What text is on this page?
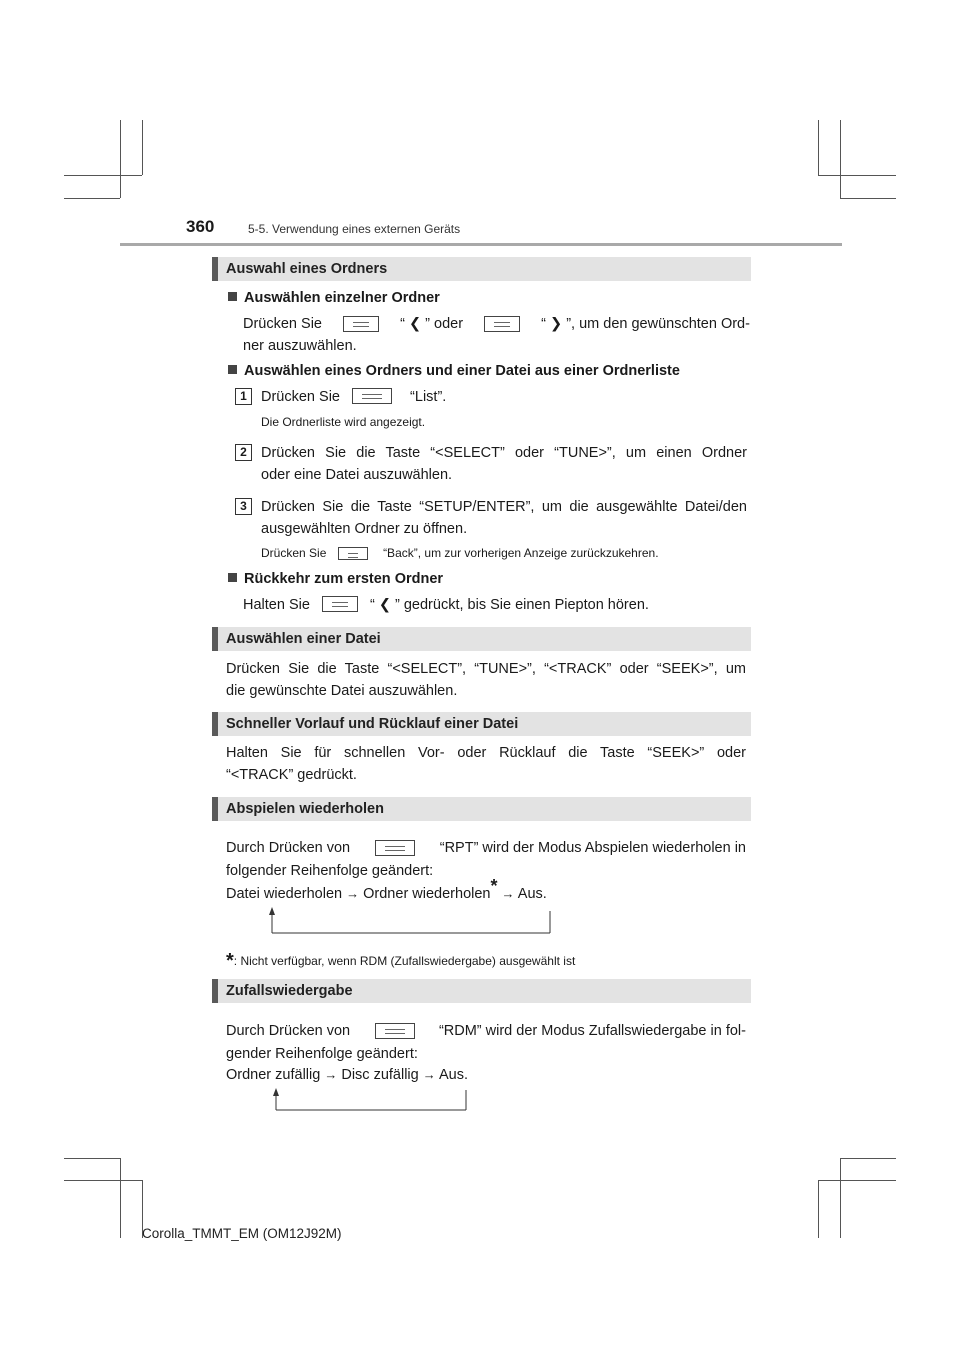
360	5-5. Verwendung eines externen Geräts
Auswahl eines Ordners
Auswählen einzelner Ordner
Drücken Sie	“ ❮ ” oder	“ ❯ ”, um den gewünschten Ord-
ner auszuwählen.
Auswählen eines Ordners und einer Datei aus einer Ordnerliste
1 Drücken Sie	“List”.
Die Ordnerliste wird angezeigt.
2 Drücken Sie die Taste “<SELECT” oder “TUNE>”, um einen Ordner
oder eine Datei auszuwählen.
3 Drücken Sie die Taste “SETUP/ENTER”, um die ausgewählte Datei/den
ausgewählten Ordner zu öffnen.
Drücken Sie	“Back”, um zur vorherigen Anzeige zurückzukehren.
Rückkehr zum ersten Ordner
Halten Sie	“ ❮ ” gedrückt, bis Sie einen Piepton hören.
Auswählen einer Datei
Drücken Sie die Taste “<SELECT”, “TUNE>”, “<TRACK” oder “SEEK>”, um
die gewünschte Datei auszuwählen.
Schneller Vorlauf und Rücklauf einer Datei
Halten Sie für schnellen Vor- oder Rücklauf die Taste “SEEK>” oder
“<TRACK” gedrückt.
Abspielen wiederholen
Durch Drücken von	“RPT” wird der Modus Abspielen wiederholen in
folgender Reihenfolge geändert:
Datei wiederholen → Ordner wiederholen* → Aus.
*: Nicht verfügbar, wenn RDM (Zufallswiedergabe) ausgewählt ist
Zufallswiedergabe
Durch Drücken von	“RDM” wird der Modus Zufallswiedergabe in fol-
gender Reihenfolge geändert:
Ordner zufällig → Disc zufällig → Aus.
Corolla_TMMT_EM (OM12J92M)
